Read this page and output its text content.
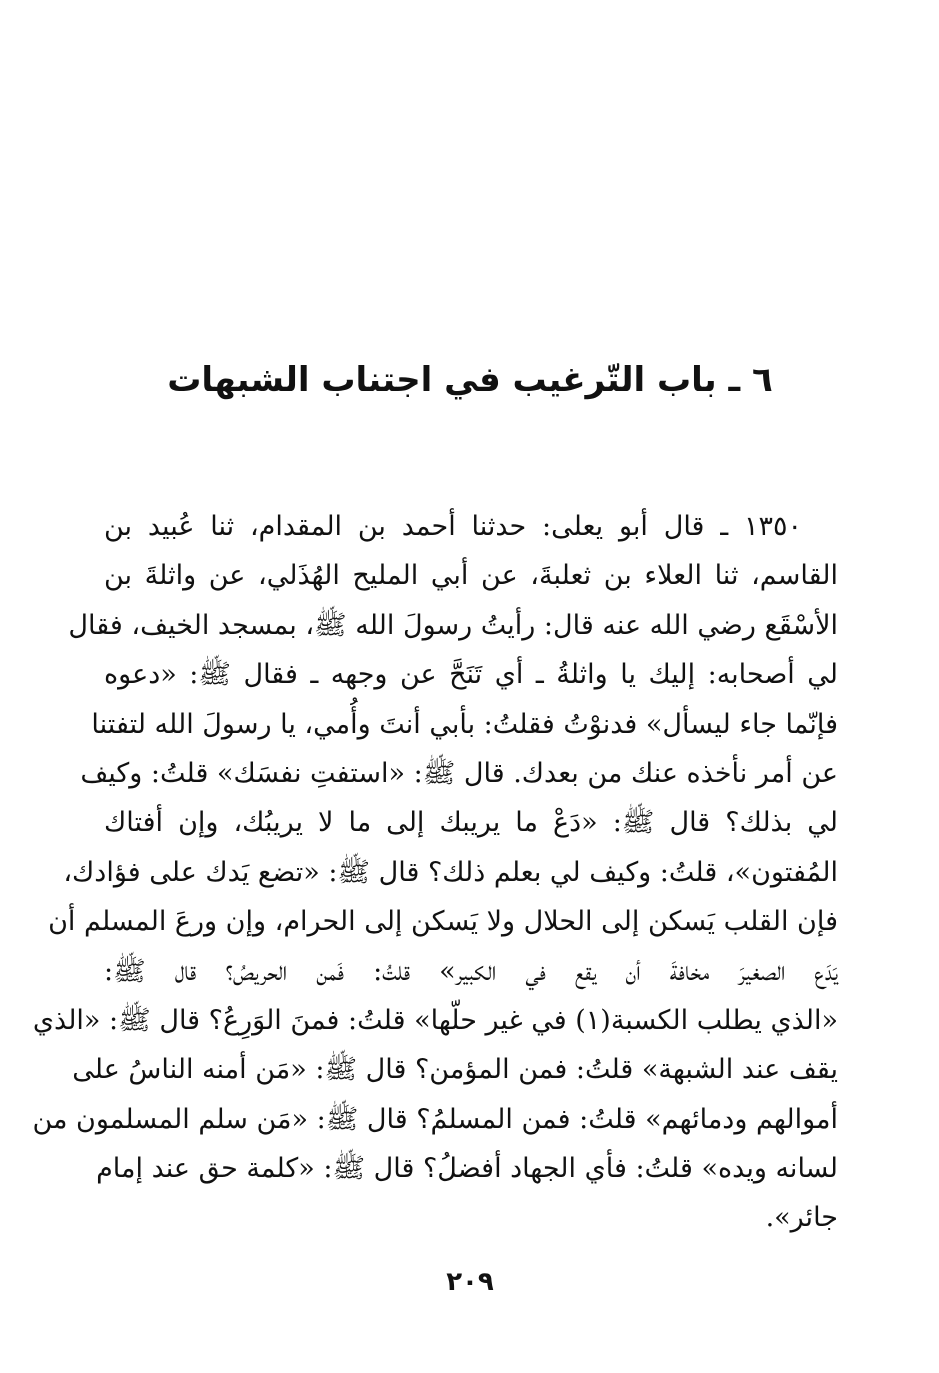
٦ ـ باب التّرغيب في اجتناب الشبهات
١٣٥٠ ـ قال أبو يعلى: حدثنا أحمد بن المقدام، ثنا عُبيد بن
القاسم، ثنا العلاء بن ثعلبةَ، عن أبي المليح الهُذَلي، عن واثلةَ بن
الأسْقَع رضي الله عنه قال: رأيتُ رسولَ الله ﷺ، بمسجد الخيف، فقال
لي أصحابه: إليك يا واثلةُ ـ أي تَنَحَّ عن وجهه ـ فقال ﷺ: «دعوه
فإنّما جاء ليسأل» فدنوْتُ فقلتُ: بأبي أنتَ وأُمي، يا رسولَ الله لتفتنا
عن أمر نأخذه عنك من بعدك. قال ﷺ: «استفتِ نفسَك» قلتُ: وكيف
لي بذلك؟ قال ﷺ: «دَعْ ما يريبك إلى ما لا يريبُك، وإن أفتاك
المُفتون»، قلتُ: وكيف لي بعلم ذلك؟ قال ﷺ: «تضع يَدك على فؤادك،
فإن القلب يَسكن إلى الحلال ولا يَسكن إلى الحرام، وإن ورعَ المسلم أن
يَدَع الصغيرَ مخافةَ أن يقع في الكبير» قلتُ: فَمن الحريصُ؟ قال ﷺ:
«الذي يطلب الكسبة(١) في غير حلّها» قلتُ: فمنَ الوَرِعُ؟ قال ﷺ: «الذي
يقف عند الشبهة» قلتُ: فمن المؤمن؟ قال ﷺ: «مَن أمنه الناسُ على
أموالهم ودمائهم» قلتُ: فمن المسلمُ؟ قال ﷺ: «مَن سلم المسلمون من
لسانه ويده» قلتُ: فأي الجهاد أفضلُ؟ قال ﷺ: «كلمة حق عند إمام
جائر».
٢٠٩
